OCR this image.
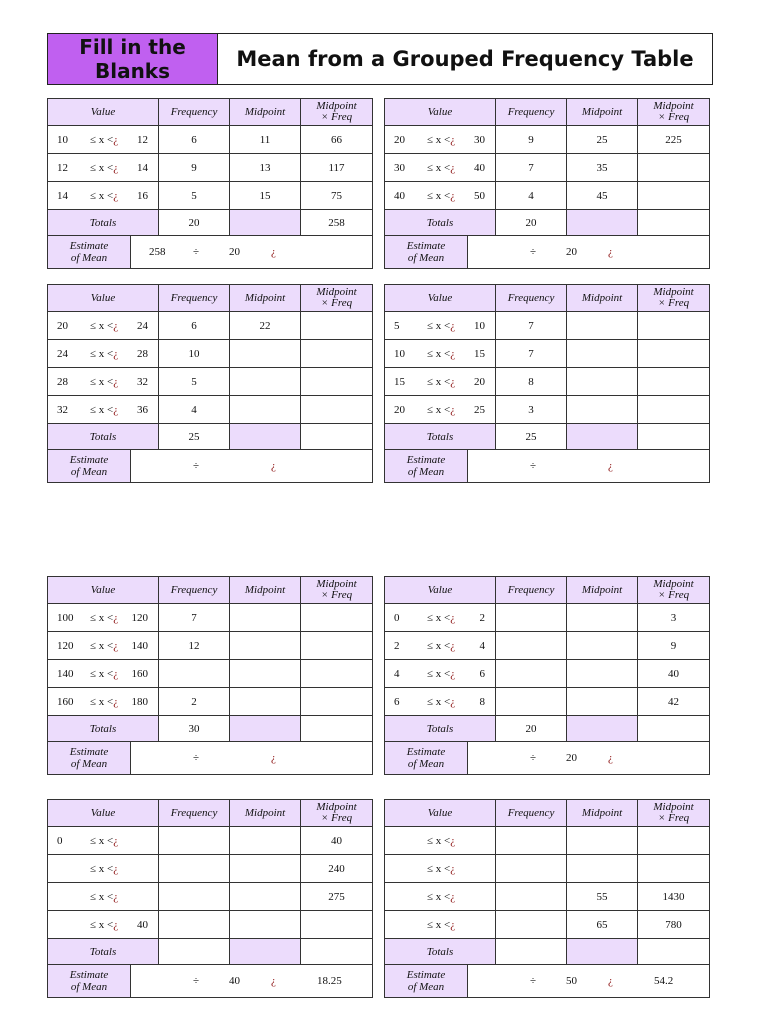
Fill in the Blanks	Mean from a Grouped Frequency Table
Value		Frequency	Midpoint	Midpoint
× Freq

10 ≤ x <¿ 12		6	11	66

12 ≤ x <¿ 14		9	13	117

14 ≤ x <¿ 16		5	15	75
Totals		20		258
Estimate
of Mean	258 ÷ 20 ¿			
Value		Frequency	Midpoint	Midpoint
× Freq

20 ≤ x <¿ 30		9	25	225

30 ≤ x <¿ 40		7	35	

40 ≤ x <¿ 50		4	45	
Totals		20		
Estimate
of Mean	÷ 20 ¿			
Value		Frequency	Midpoint	Midpoint
× Freq

20 ≤ x <¿ 24		6	22	

24 ≤ x <¿ 28		10		

28 ≤ x <¿ 32		5		

32 ≤ x <¿ 36		4		
Totals		25		
Estimate
of Mean	÷ ¿			
Value		Frequency	Midpoint	Midpoint
× Freq

5 ≤ x <¿ 10		7		

10 ≤ x <¿ 15		7		

15 ≤ x <¿ 20		8		

20 ≤ x <¿ 25		3		
Totals		25		
Estimate
of Mean	÷ ¿			
Value		Frequency	Midpoint	Midpoint
× Freq

100 ≤ x <¿ 120		7		

120 ≤ x <¿ 140		12		

140 ≤ x <¿ 160				

160 ≤ x <¿ 180		2		
Totals		30		
Estimate
of Mean	÷ ¿			
Value		Frequency	Midpoint	Midpoint
× Freq

0 ≤ x <¿ 2				3

2 ≤ x <¿ 4				9

4 ≤ x <¿ 6				40

6 ≤ x <¿ 8				42
Totals		20		
Estimate
of Mean	÷ 20 ¿			
Value		Frequency	Midpoint	Midpoint
× Freq

0 ≤ x <¿				40

≤ x <¿				240

≤ x <¿				275

≤ x <¿ 40				

Totals				
Estimate
of Mean	÷ 40 ¿ 18.25			
Value		Frequency	Midpoint	Midpoint
× Freq

≤ x <¿				

≤ x <¿				

≤ x <¿			55	1430

≤ x <¿			65	780
Totals				
Estimate
of Mean	÷ 50 ¿ 54.2			
